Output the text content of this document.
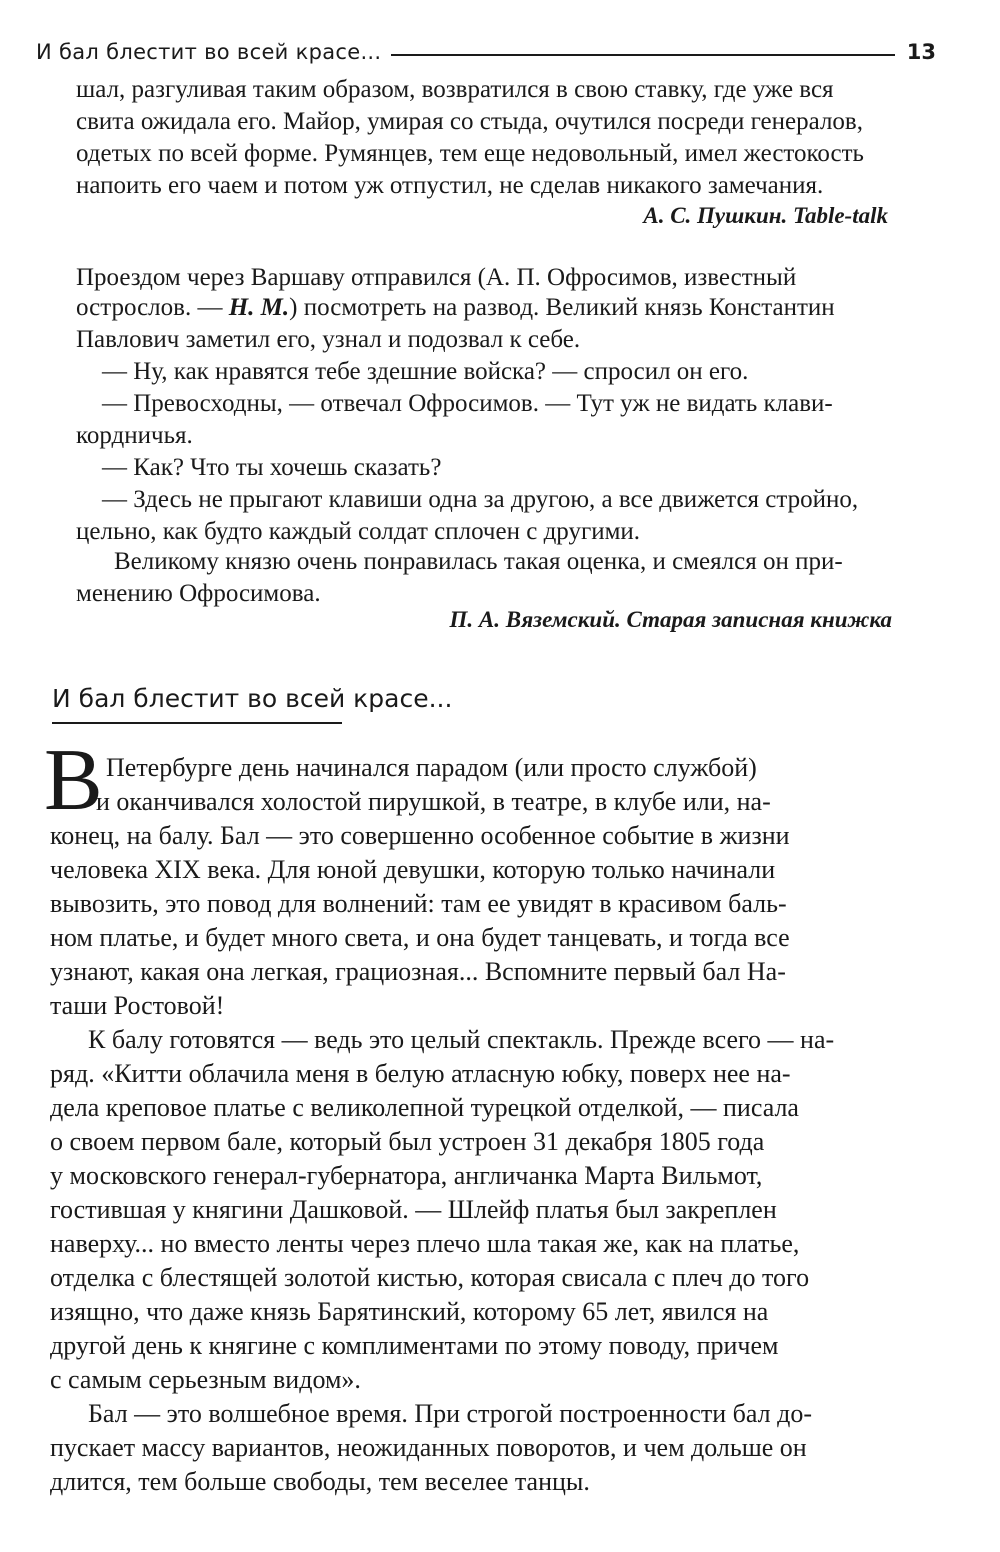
И бал блестит во всей красе...	13
шал, разгуливая таким образом, возвратился в свою ставку, где уже вся
свита ожидала его. Майор, умирая со стыда, очутился посреди генералов,
одетых по всей форме. Румянцев, тем еще недовольный, имел жестокость
напоить его чаем и потом уж отпустил, не сделав никакого замечания.
А. С. Пушкин. Table-talk
Проездом через Варшаву отправился (А. П. Офросимов, известный
острослов. — Н. М.) посмотреть на развод. Великий князь Константин
Павлович заметил его, узнал и подозвал к себе.
— Ну, как нравятся тебе здешние войска? — спросил он его.
— Превосходны, — отвечал Офросимов. — Тут уж не видать клави-
кордничья.
— Как? Что ты хочешь сказать?
— Здесь не прыгают клавиши одна за другою, а все движется стройно,
цельно, как будто каждый солдат сплочен с другими.
Великому князю очень понравилась такая оценка, и смеялся он при-
менению Офросимова.
П. А. Вяземский. Старая записная книжка
И бал блестит во всей красе...
В Петербурге день начинался парадом (или просто службой)
и оканчивался холостой пирушкой, в театре, в клубе или, на-
конец, на балу. Бал — это совершенно особенное событие в жизни
человека XIX века. Для юной девушки, которую только начинали
вывозить, это повод для волнений: там ее увидят в красивом баль-
ном платье, и будет много света, и она будет танцевать, и тогда все
узнают, какая она легкая, грациозная... Вспомните первый бал На-
таши Ростовой!
К балу готовятся — ведь это целый спектакль. Прежде всего — на-
ряд. «Китти облачила меня в белую атласную юбку, поверх нее на-
дела креповое платье с великолепной турецкой отделкой, — писала
о своем первом бале, который был устроен 31 декабря 1805 года
у московского генерал-губернатора, англичанка Марта Вильмот,
гостившая у княгини Дашковой. — Шлейф платья был закреплен
наверху... но вместо ленты через плечо шла такая же, как на платье,
отделка с блестящей золотой кистью, которая свисала с плеч до того
изящно, что даже князь Барятинский, которому 65 лет, явился на
другой день к княгине с комплиментами по этому поводу, причем
с самым серьезным видом».
Бал — это волшебное время. При строгой построенности бал до-
пускает массу вариантов, неожиданных поворотов, и чем дольше он
длится, тем больше свободы, тем веселее танцы.
